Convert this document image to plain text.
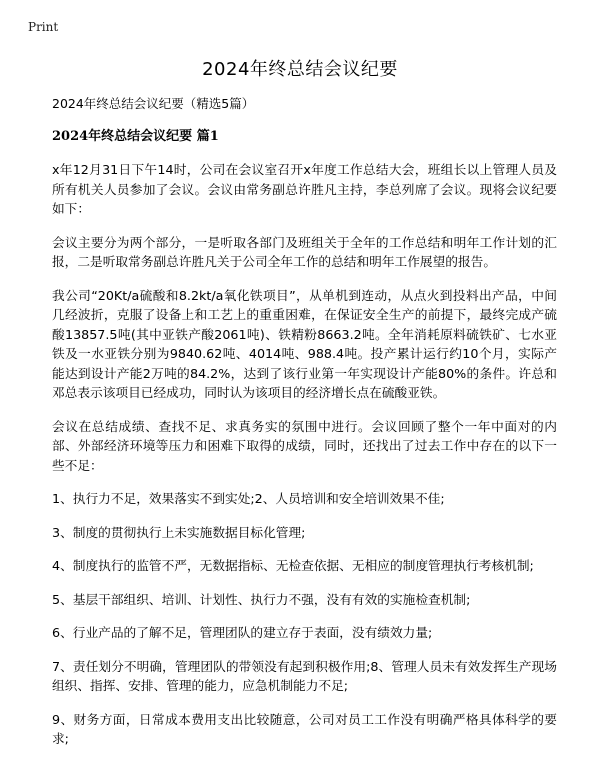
Print
2024年终总结会议纪要
2024年终总结会议纪要（精选5篇）
2024年终总结会议纪要 篇1

x年12月31日下午14时，公司在会议室召开x年度工作总结大会，班组长以上管理人员及所有机关人员参加了会议。会议由常务副总许胜凡主持，李总列席了会议。现将会议纪要如下：

会议主要分为两个部分，一是听取各部门及班组关于全年的工作总结和明年工作计划的汇报，二是听取常务副总许胜凡关于公司全年工作的总结和明年工作展望的报告。

我公司“20Kt/a硫酸和8.2kt/a氧化铁项目”，从单机到连动，从点火到投料出产品，中间几经波折，克服了设备上和工艺上的重重困难，在保证安全生产的前提下，最终完成产硫酸13857.5吨(其中亚铁产酸2061吨)、铁精粉8663.2吨。全年消耗原料硫铁矿、七水亚铁及一水亚铁分别为9840.62吨、4014吨、988.4吨。投产累计运行约10个月，实际产能达到设计产能2万吨的84.2%，达到了该行业第一年实现设计产能80%的条件。许总和邓总表示该项目已经成功，同时认为该项目的经济增长点在硫酸亚铁。

会议在总结成绩、查找不足、求真务实的氛围中进行。会议回顾了整个一年中面对的内部、外部经济环境等压力和困难下取得的成绩，同时，还找出了过去工作中存在的以下一些不足：

1、执行力不足，效果落实不到实处;2、人员培训和安全培训效果不佳;

3、制度的贯彻执行上未实施数据目标化管理;

4、制度执行的监管不严，无数据指标、无检查依据、无相应的制度管理执行考核机制;

5、基层干部组织、培训、计划性、执行力不强，没有有效的实施检查机制;

6、行业产品的了解不足，管理团队的建立存于表面，没有绩效力量;

7、责任划分不明确，管理团队的带领没有起到积极作用;8、管理人员未有效发挥生产现场组织、指挥、安排、管理的能力，应急机制能力不足;

9、财务方面，日常成本费用支出比较随意，公司对员工工作没有明确严格具体科学的要求;
